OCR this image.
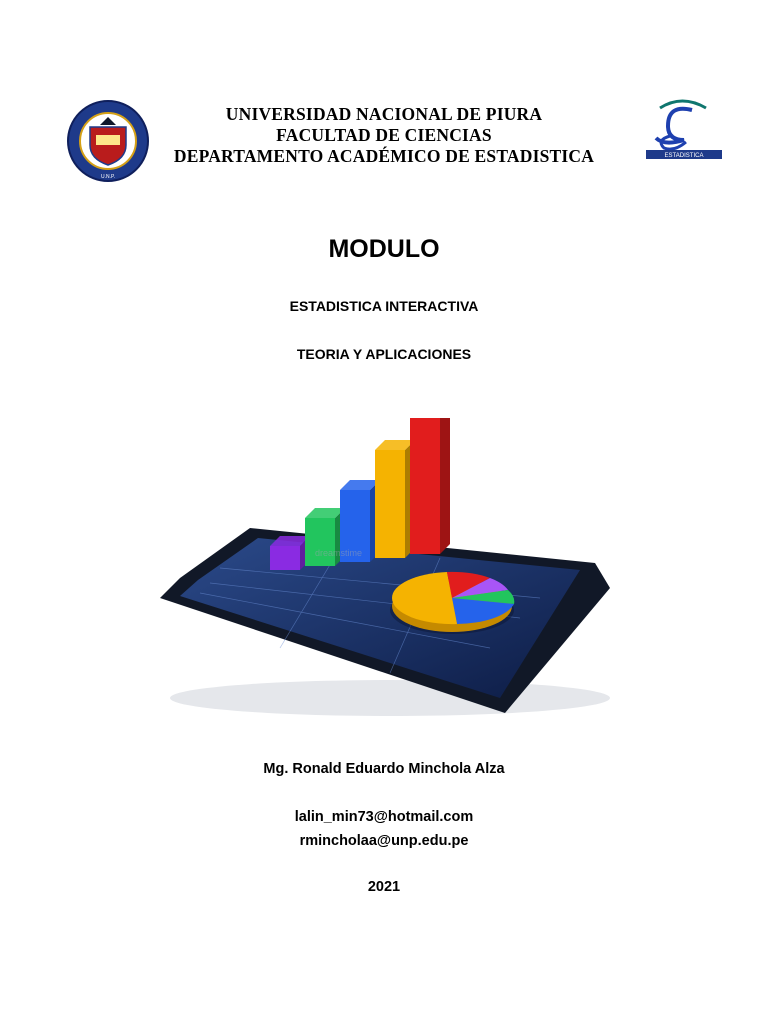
U.N.P.
ESTADISTICA
UNIVERSIDAD NACIONAL DE PIURA
FACULTAD DE CIENCIAS
DEPARTAMENTO ACADÉMICO DE ESTADISTICA
MODULO
ESTADISTICA INTERACTIVA
TEORIA Y APLICACIONES
dreamstime
Mg. Ronald Eduardo Minchola Alza
lalin_min73@hotmail.com
rmincholaa@unp.edu.pe
2021
